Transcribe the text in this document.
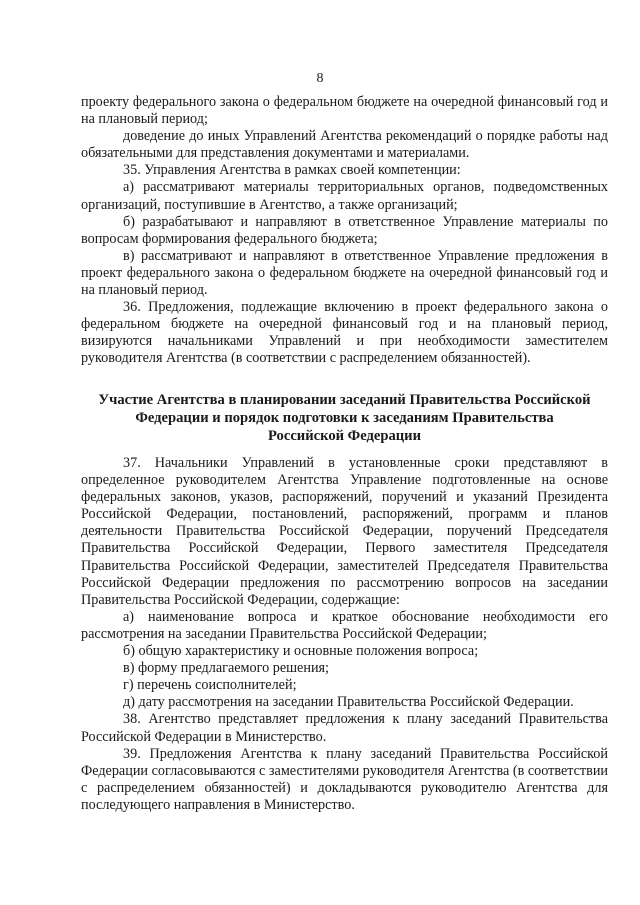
8

проекту федерального закона о федеральном бюджете на очередной финансовый год и на плановый период;

доведение до иных Управлений Агентства рекомендаций о порядке работы над обязательными для представления документами и материалами.

35. Управления Агентства в рамках своей компетенции:

а) рассматривают материалы территориальных органов, подведомственных организаций, поступившие в Агентство, а также организаций;

б) разрабатывают и направляют в ответственное Управление материалы по вопросам формирования федерального бюджета;

в) рассматривают и направляют в ответственное Управление предложения в проект федерального закона о федеральном бюджете на очередной финансовый год и на плановый период.

36. Предложения, подлежащие включению в проект федерального закона о федеральном бюджете на очередной финансовый год и на плановый период, визируются начальниками Управлений и при необходимости заместителем руководителя Агентства (в соответствии с распределением обязанностей).

Участие Агентства в планировании заседаний Правительства Российской
Федерации и порядок подготовки к заседаниям Правительства
Российской Федерации

37. Начальники Управлений в установленные сроки представляют в определенное руководителем Агентства Управление подготовленные на основе федеральных законов, указов, распоряжений, поручений и указаний Президента Российской Федерации, постановлений, распоряжений, программ и планов деятельности Правительства Российской Федерации, поручений Председателя Правительства Российской Федерации, Первого заместителя Председателя Правительства Российской Федерации, заместителей Председателя Правительства Российской Федерации предложения по рассмотрению вопросов на заседании Правительства Российской Федерации, содержащие:

а) наименование вопроса и краткое обоснование необходимости его рассмотрения на заседании Правительства Российской Федерации;

б) общую характеристику и основные положения вопроса;

в) форму предлагаемого решения;

г) перечень соисполнителей;

д) дату рассмотрения на заседании Правительства Российской Федерации.

38. Агентство представляет предложения к плану заседаний Правительства Российской Федерации в Министерство.

39. Предложения Агентства к плану заседаний Правительства Российской Федерации согласовываются с заместителями руководителя Агентства (в соответствии с распределением обязанностей) и докладываются руководителю Агентства для последующего направления в Министерство.
